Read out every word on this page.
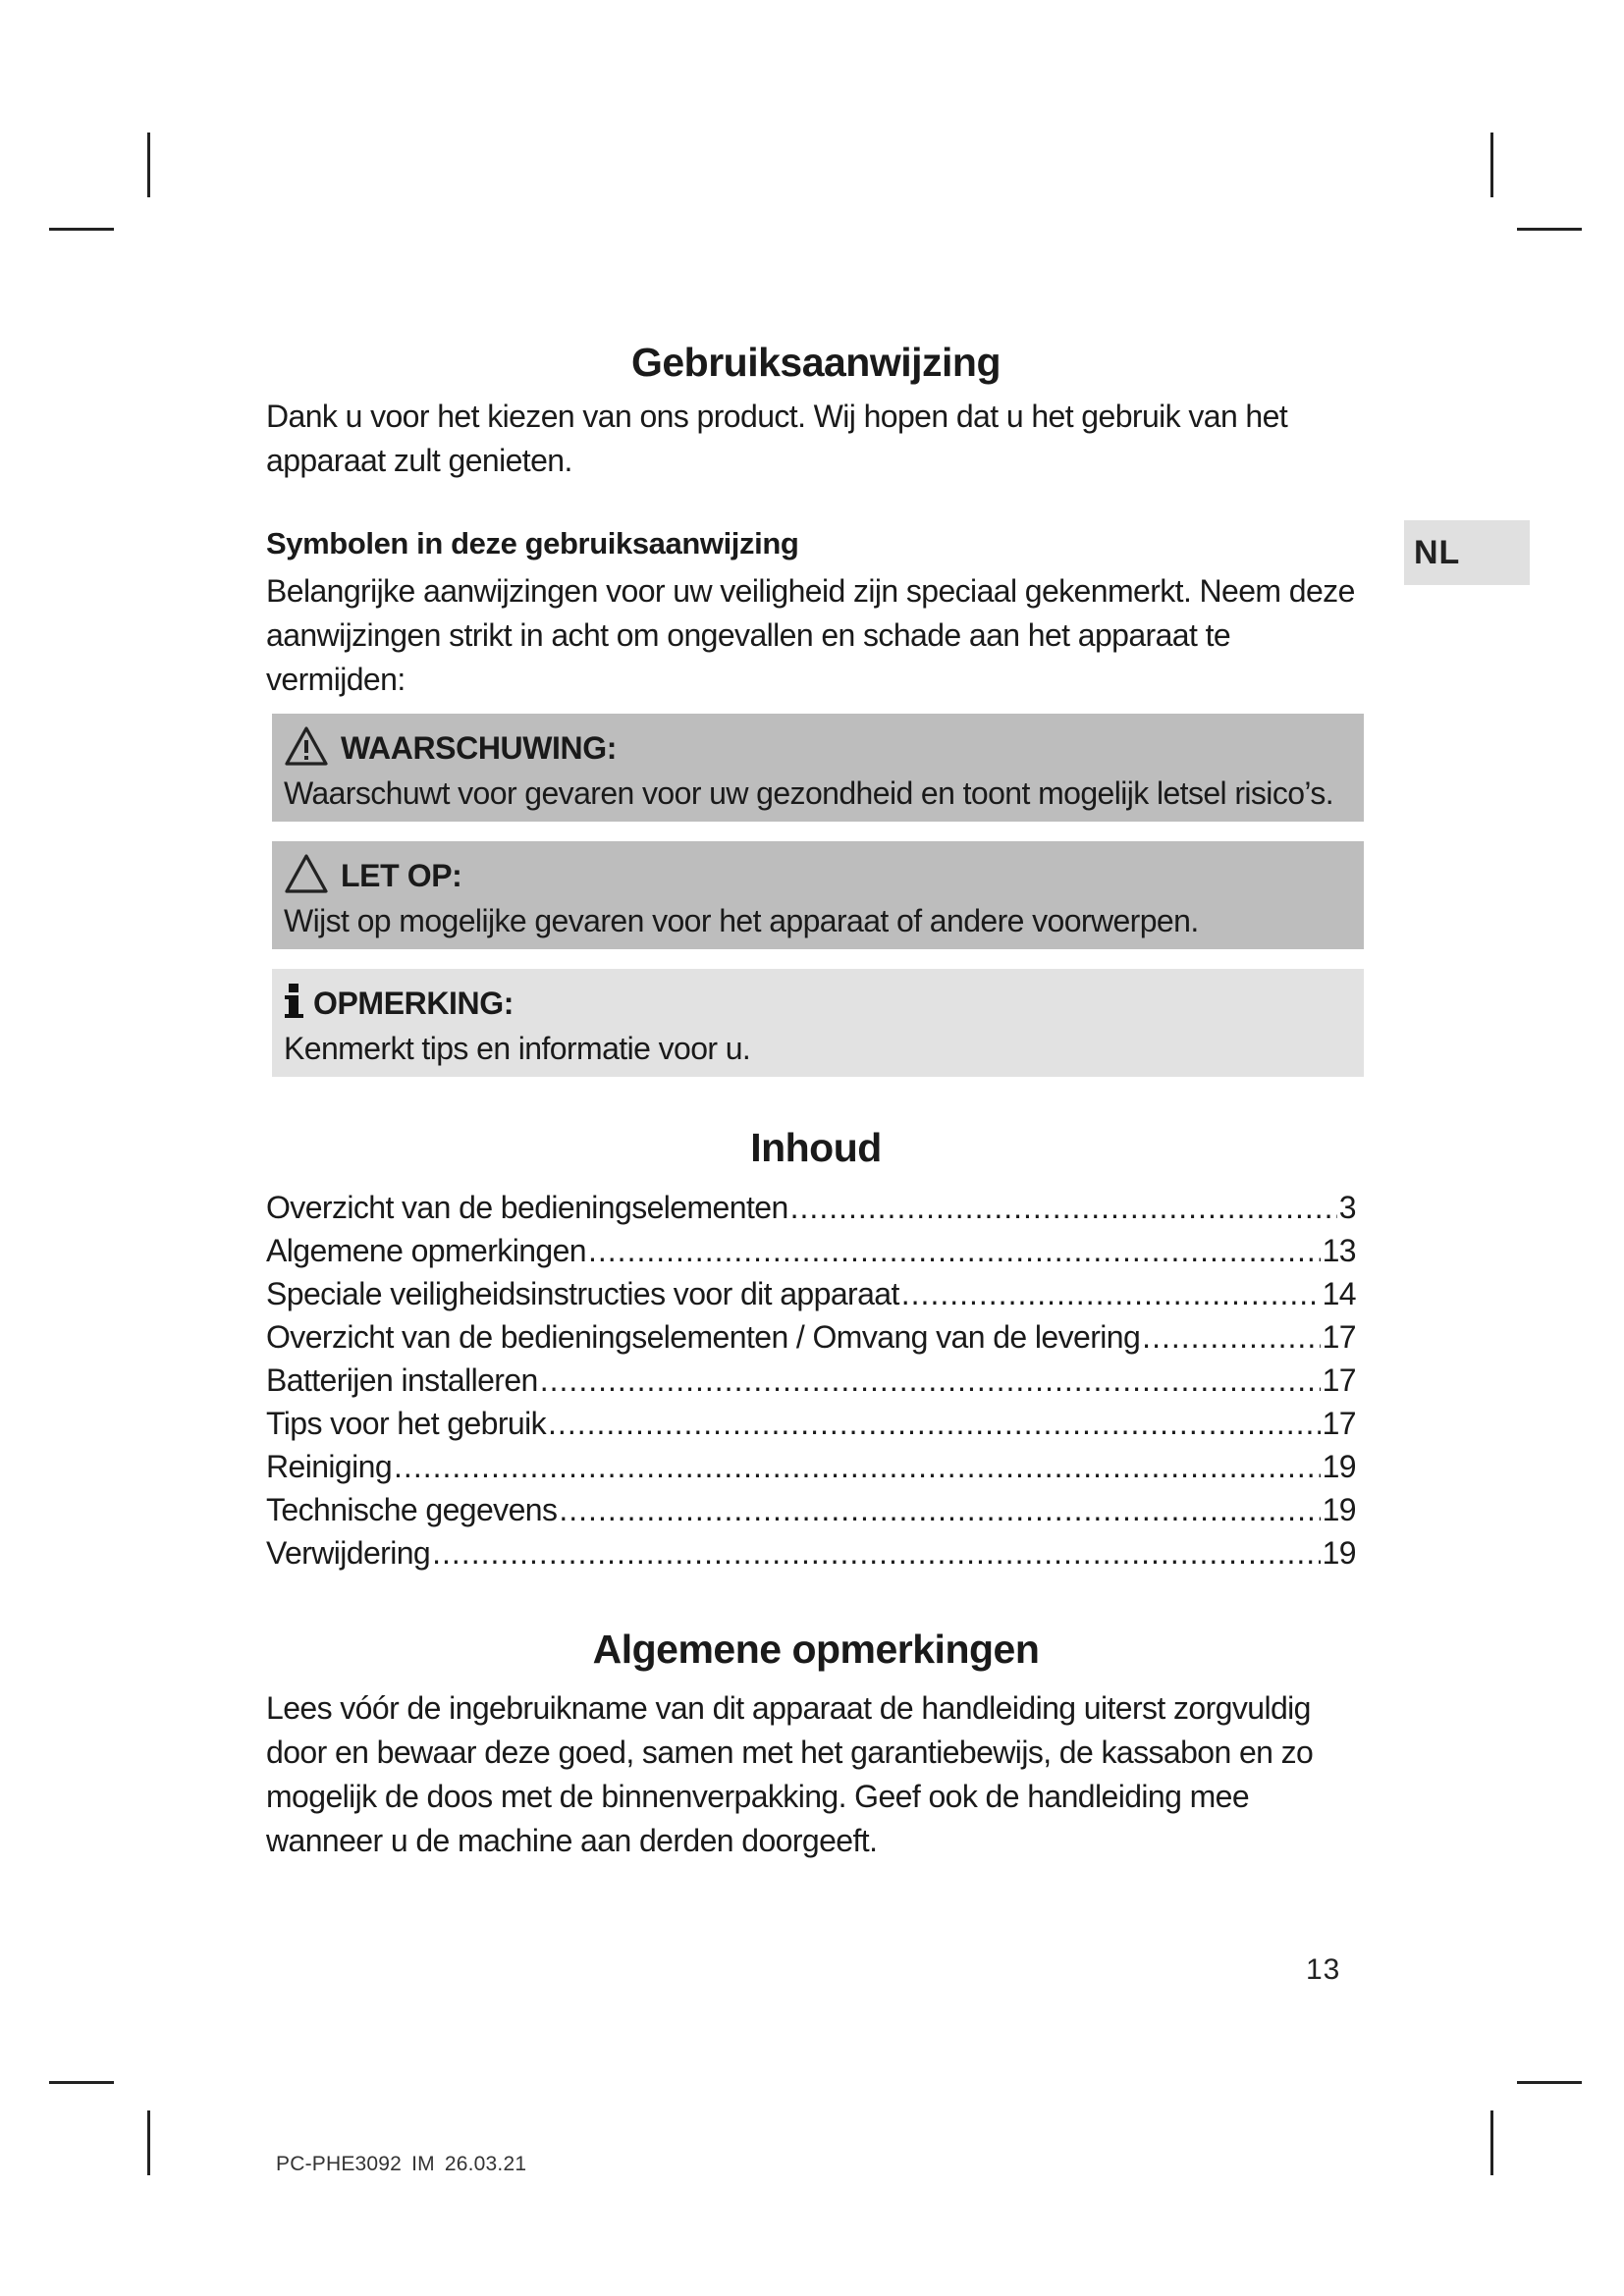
NL
Gebruiksaanwijzing

Dank u voor het kiezen van ons product. Wij hopen dat u het gebruik van het apparaat zult genieten.

Symbolen in deze gebruiksaanwijzing

Belangrijke aanwijzingen voor uw veiligheid zijn speciaal gekenmerkt. Neem deze aanwijzingen strikt in acht om ongevallen en schade aan het apparaat te vermijden:

WAARSCHUWING:
Waarschuwt voor gevaren voor uw gezondheid en toont mogelijk letsel risico’s.
LET OP:
Wijst op mogelijke gevaren voor het apparaat of andere voorwerpen.
OPMERKING:
Kenmerkt tips en informatie voor u.
Inhoud
Overzicht van de bedieningselementen .....	3
Algemene opmerkingen .....	13
Speciale veiligheidsinstructies voor dit apparaat .....	14
Overzicht van de bedieningselementen / Omvang van de levering .....	17
Batterijen installeren .....	17
Tips voor het gebruik .....	17
Reiniging .....	19
Technische gegevens .....	19
Verwijdering .....	19
Algemene opmerkingen

Lees vóór de ingebruikname van dit apparaat de handleiding uiterst zorgvuldig door en bewaar deze goed, samen met het garantiebewijs, de kassabon en zo mogelijk de doos met de binnenverpakking. Geef ook de handleiding mee wanneer u de machine aan derden doorgeeft.

13
PC-PHE3092 IM 26.03.21
